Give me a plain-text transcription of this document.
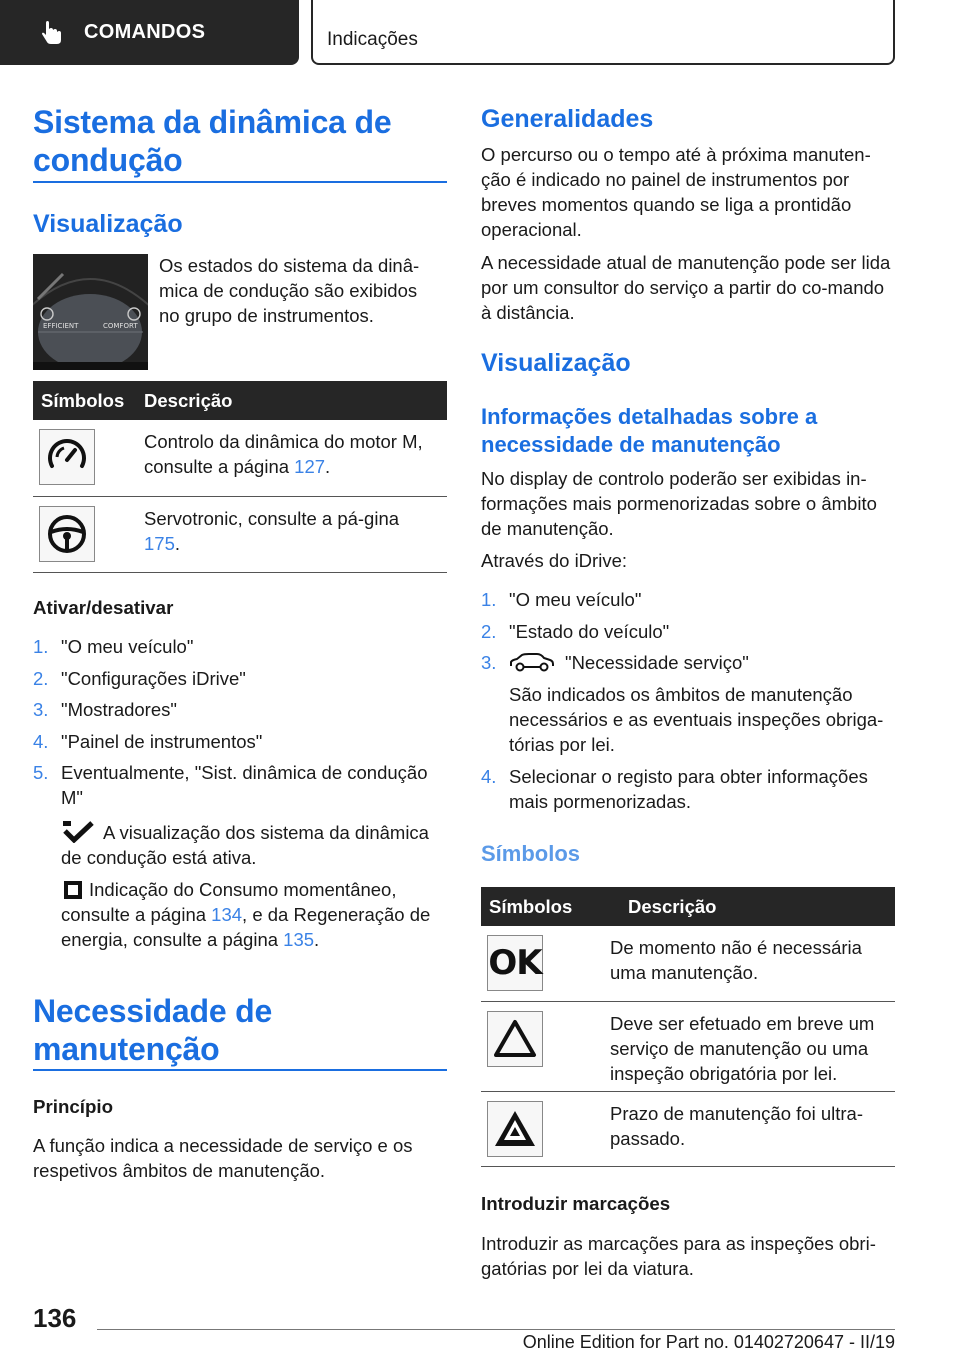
COMANDOS	Indicações
Sistema da dinâmica de condução
Visualização
EFFICIENT	COMFORT

Os estados do sistema da dinâ-mica de condução são exibidos no grupo de instrumentos.

Símbolos	Descrição

	Controlo da dinâmica do motor M, consulte a página 127.

	Servotronic, consulte a pá-gina 175.
Ativar/desativar
1. "O meu veículo"
2. "Configurações iDrive"
3. "Mostradores"
4. "Painel de instrumentos"
5. Eventualmente, "Sist. dinâmica de condução M"

A visualização dos sistema da dinâmica de condução está ativa.

Indicação do Consumo momentâneo, consulte a página 134, e da Regeneração de energia, consulte a página 135.

Necessidade de manutenção
Princípio

A função indica a necessidade de serviço e os respetivos âmbitos de manutenção.

Generalidades

O percurso ou o tempo até à próxima manuten-ção é indicado no painel de instrumentos por breves momentos quando se liga a prontidão operacional.

A necessidade atual de manutenção pode ser lida por um consultor do serviço a partir do co-mando à distância.

Visualização
Informações detalhadas sobre a necessidade de manutenção

No display de controlo poderão ser exibidas in-formações mais pormenorizadas sobre o âmbito de manutenção.

Através do iDrive:

1. "O meu veículo"
2. "Estado do veículo"
3.	"Necessidade serviço"
São indicados os âmbitos de manutenção necessários e as eventuais inspeções obriga-tórias por lei.
4. Selecionar o registo para obter informações mais pormenorizadas.
Símbolos
Símbolos	Descrição

OK	De momento não é necessária uma manutenção.

	Deve ser efetuado em breve um serviço de manutenção ou uma inspeção obrigatória por lei.

	Prazo de manutenção foi ultra-passado.
Introduzir marcações

Introduzir as marcações para as inspeções obri-gatórias por lei da viatura.

136
Online Edition for Part no. 01402720647 - II/19
